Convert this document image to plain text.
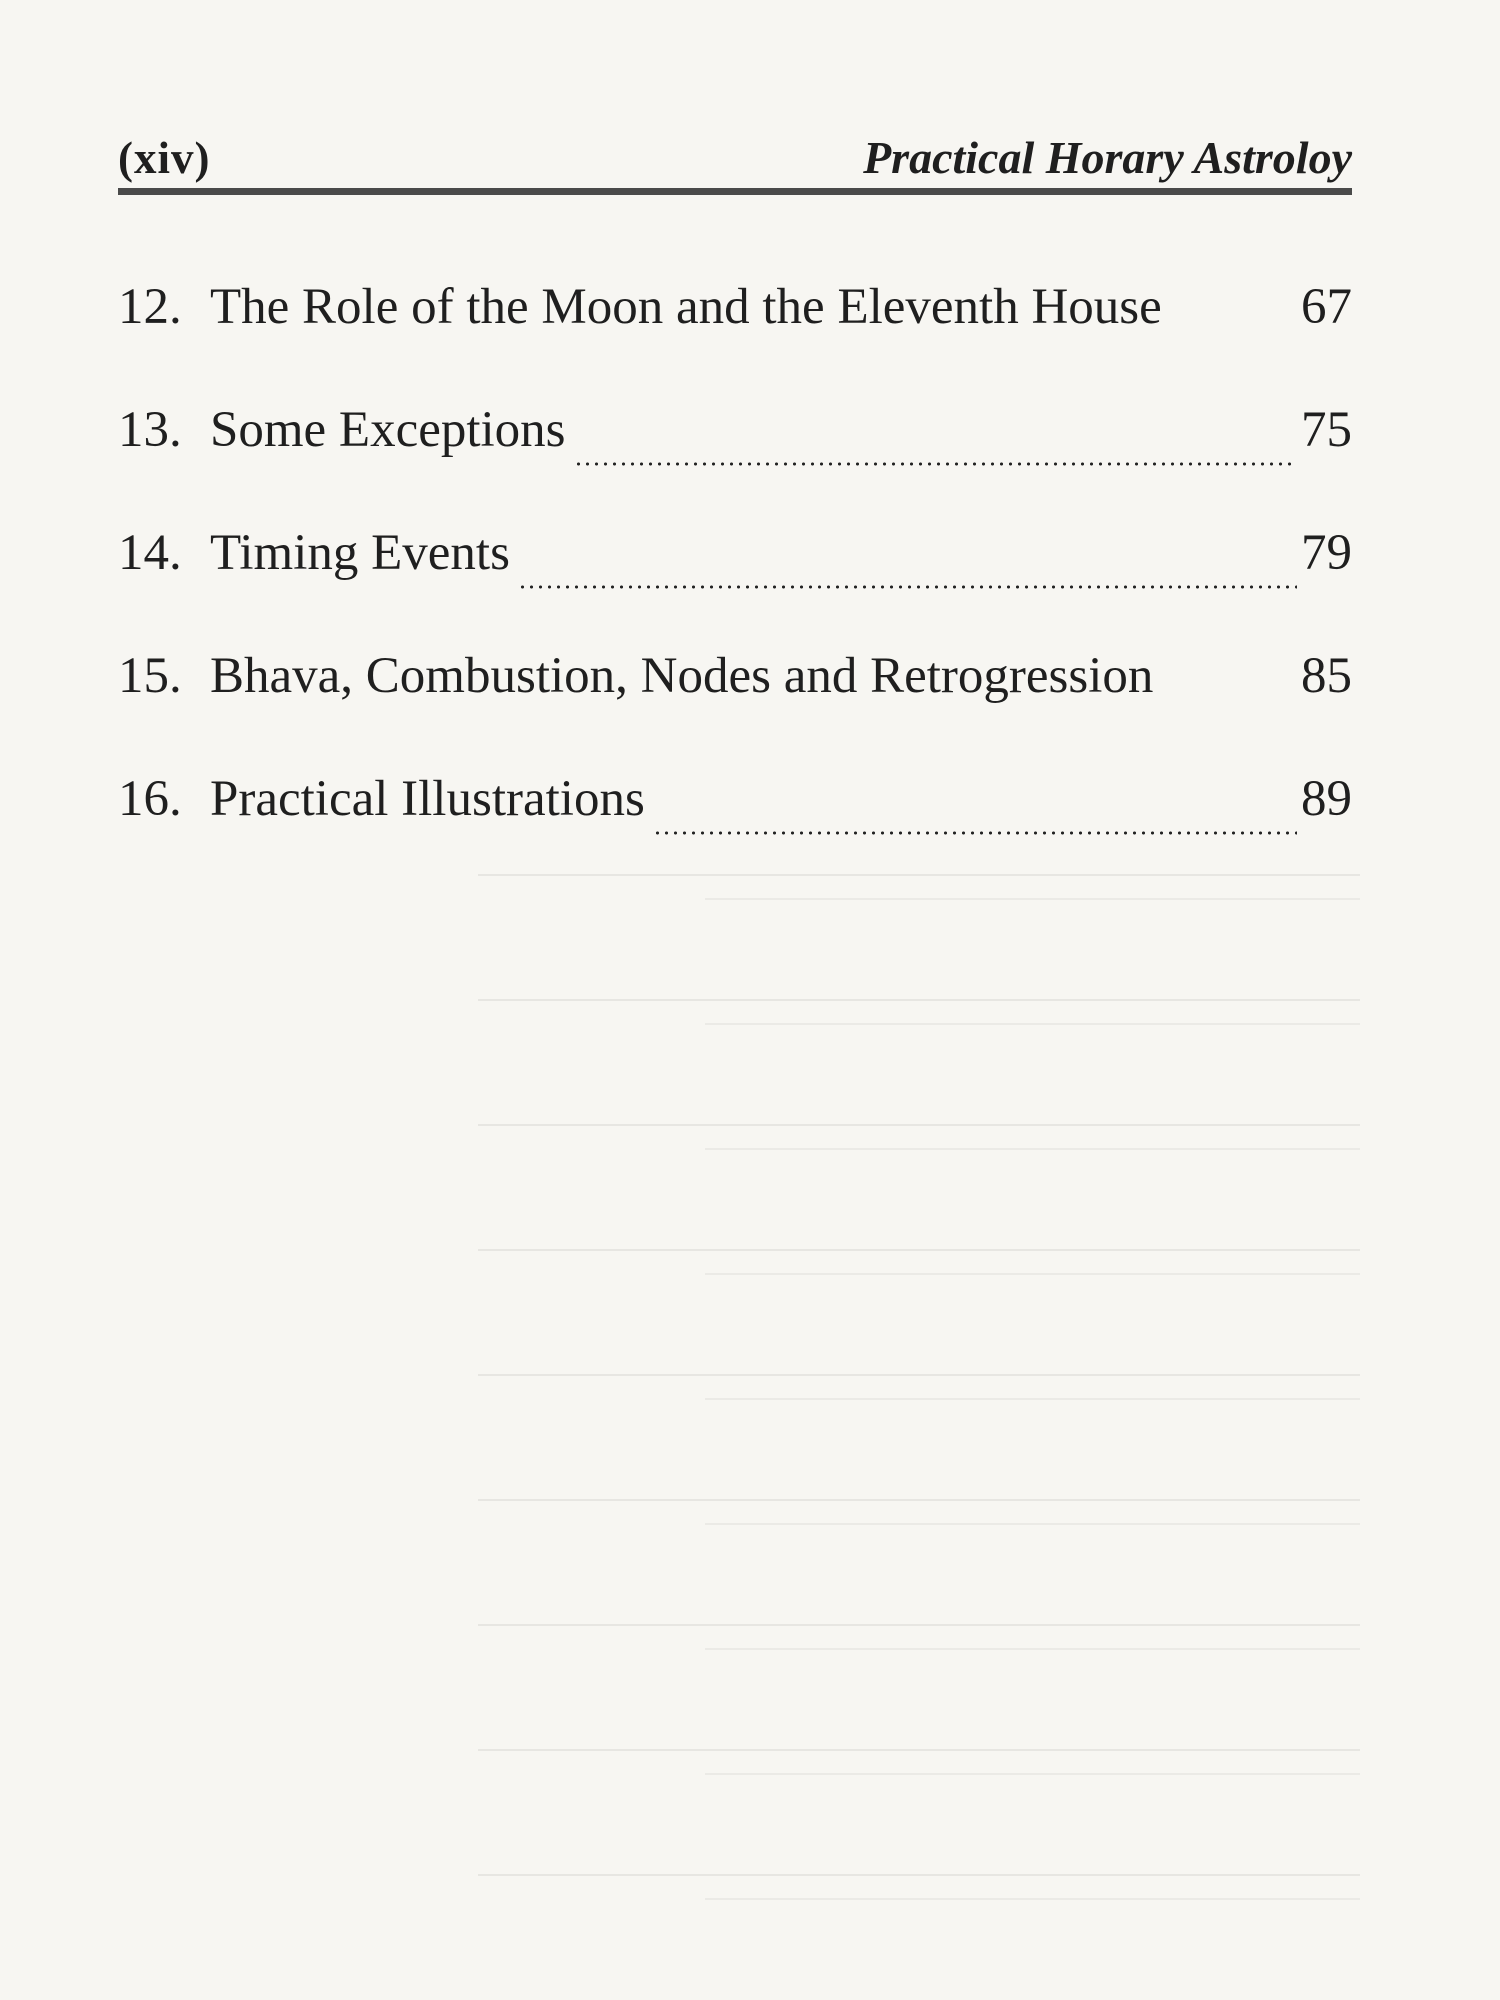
(xiv)	Practical Horary Astroloy
12. The Role of the Moon and the Eleventh House	67
13. Some Exceptions	75
14. Timing Events	79
15. Bhava, Combustion, Nodes and Retrogression	85
16. Practical Illustrations	89
